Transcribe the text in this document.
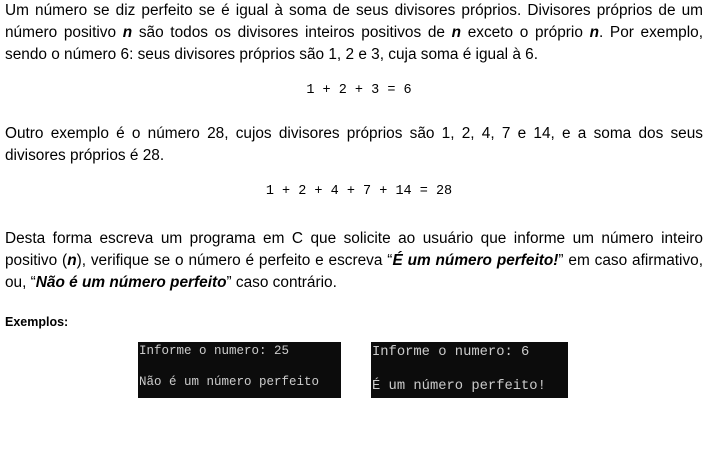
Um número se diz perfeito se é igual à soma de seus divisores próprios. Divisores próprios de um número positivo n são todos os divisores inteiros positivos de n exceto o próprio n. Por exemplo, sendo o número 6: seus divisores próprios são 1, 2 e 3, cuja soma é igual à 6.

1 + 2 + 3 = 6

Outro exemplo é o número 28, cujos divisores próprios são 1, 2, 4, 7 e 14, e a soma dos seus divisores próprios é 28.

1 + 2 + 4 + 7 + 14 = 28

Desta forma escreva um programa em C que solicite ao usuário que informe um número inteiro positivo (n), verifique se o número é perfeito e escreva “É um número perfeito!” em caso afirmativo, ou, “Não é um número perfeito” caso contrário.

Exemplos:

Informe o numero: 25

Não é um número perfeito

Informe o numero: 6

É um número perfeito!
